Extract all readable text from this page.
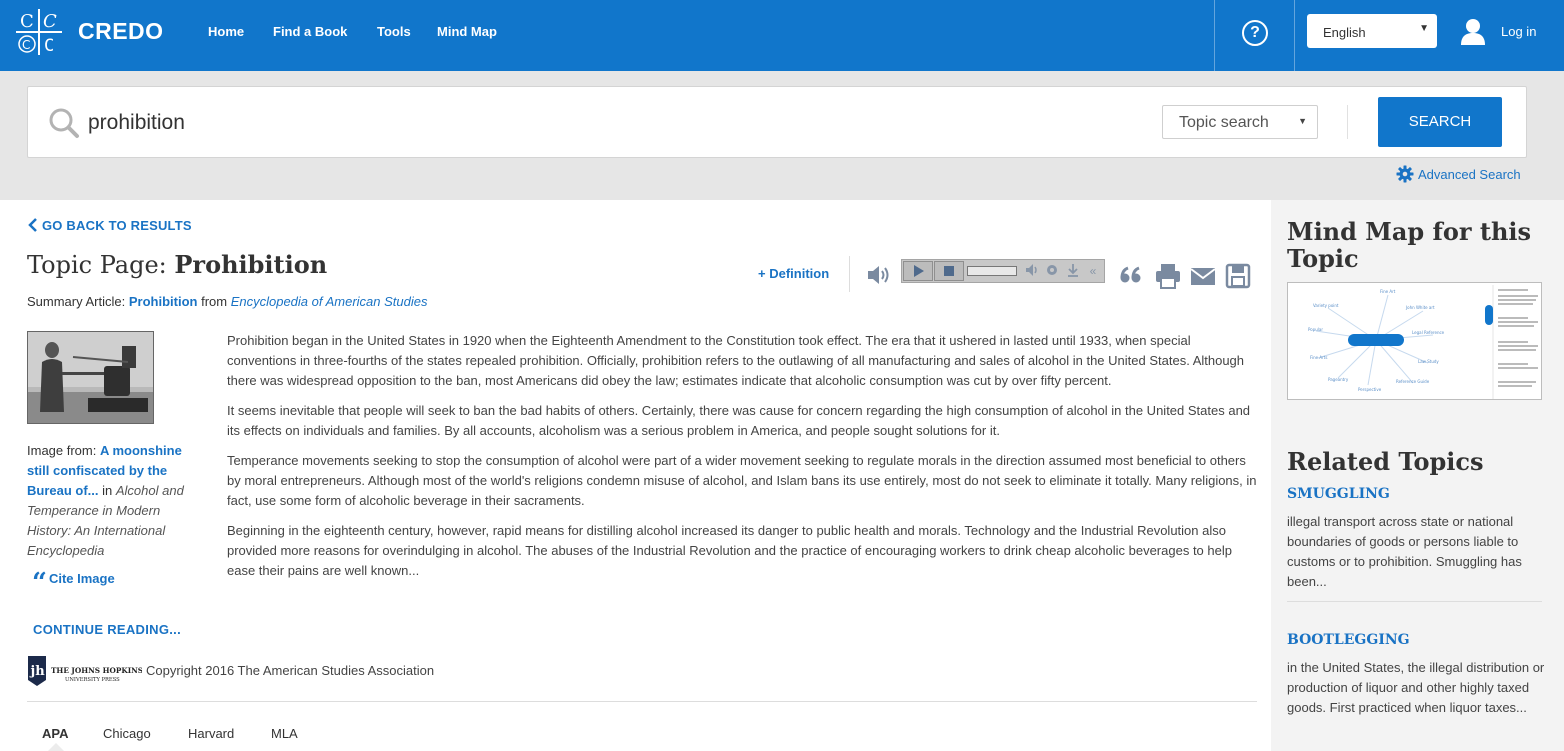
C C
C C
CREDO	Home Find a Book Tools Mind Map	?	English	▼	Log in
prohibition
Topic search	▼	SEARCH
Advanced Search
GO BACK TO RESULTS
Topic Page: Prohibition
Summary Article: Prohibition from Encyclopedia of American Studies
+ Definition	«
Image from: A moonshine still confiscated by the Bureau of... in Alcohol and Temperance in Modern History: An International Encyclopedia
“ Cite Image

Prohibition began in the United States in 1920 when the Eighteenth Amendment to the Constitution took effect. The era that it ushered in lasted until 1933, when special conventions in three-fourths of the states repealed prohibition. Officially, prohibition refers to the outlawing of all manufacturing and sales of alcohol in the United States. Although there was widespread opposition to the ban, most Americans did obey the law; estimates indicate that alcoholic consumption was cut by over fifty percent.

It seems inevitable that people will seek to ban the bad habits of others. Certainly, there was cause for concern regarding the high consumption of alcohol in the United States and its effects on individuals and families. By all accounts, alcoholism was a serious problem in America, and people sought solutions for it.

Temperance movements seeking to stop the consumption of alcohol were part of a wider movement seeking to regulate morals in the direction assumed most beneficial to others by moral entrepreneurs. Although most of the world's religions condemn misuse of alcohol, and Islam bans its use entirely, most do not seek to eliminate it totally. Many religions, in fact, use some form of alcoholic beverage in their sacraments.

Beginning in the eighteenth century, however, rapid means for distilling alcohol increased its danger to public health and morals. Technology and the Industrial Revolution also provided more reasons for overindulging in alcohol. The abuses of the Industrial Revolution and the practice of encouraging workers to drink cheap alcoholic beverages to help ease their pains are well known...

CONTINUE READING...
jh THE JOHNS HOPKINS
UNIVERSITY PRESS
Copyright 2016 The American Studies Association
APA	Chicago	Harvard	MLA
Mind Map for this Topic
Variety point
Fine Art
John White art
Legal Reference
Law Study
Reference Guide
Pageantry
Fine Arts
Popular
Perspective
Related Topics
SMUGGLING
illegal transport across state or national boundaries of goods or persons liable to customs or to prohibition. Smuggling has been...
BOOTLEGGING
in the United States, the illegal distribution or production of liquor and other highly taxed goods. First practiced when liquor taxes...
